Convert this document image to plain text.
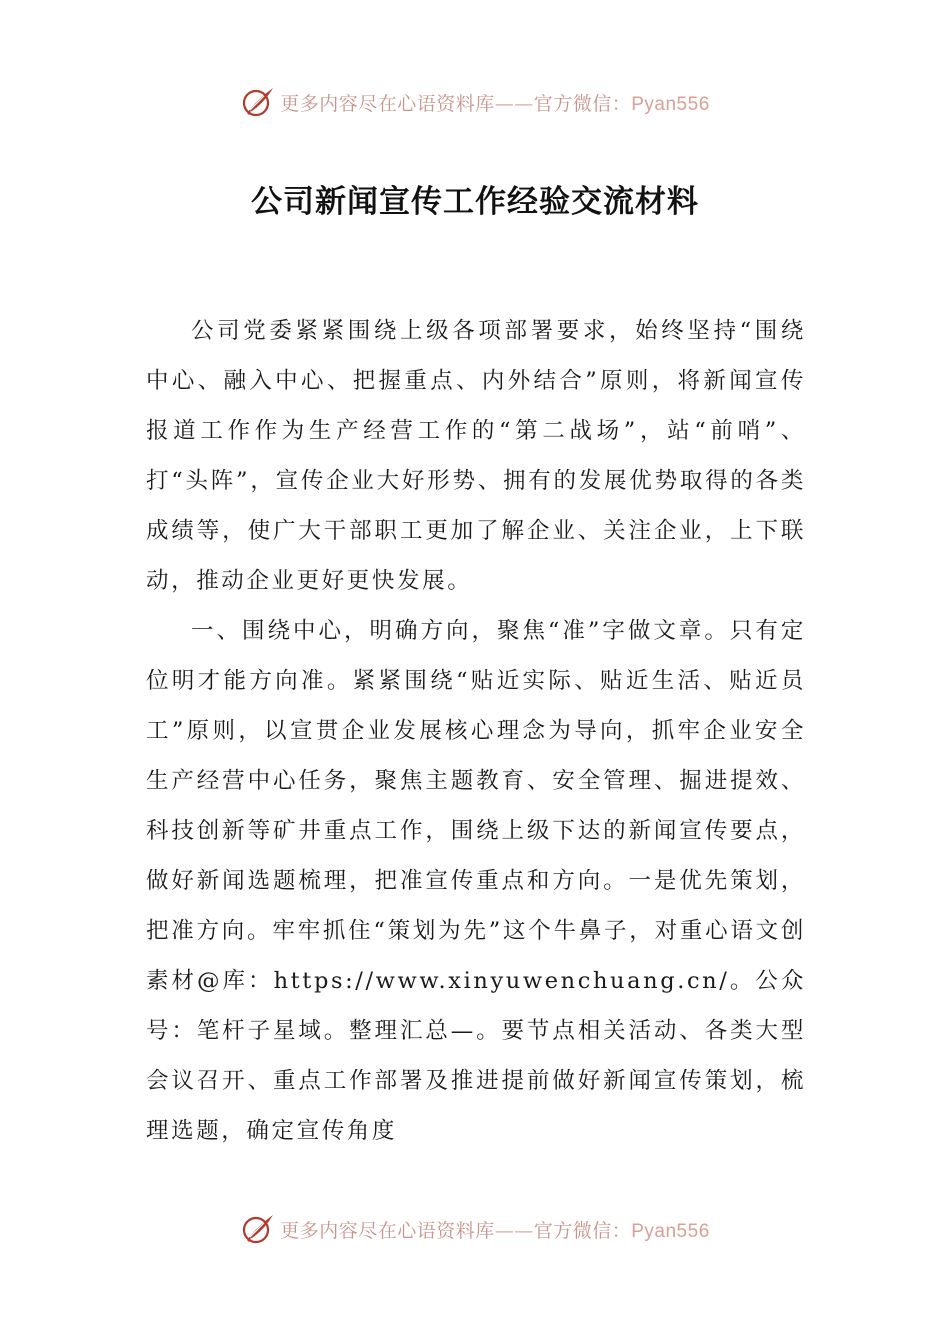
更多内容尽在心语资料库——官方微信：Pyan556
公司新闻宣传工作经验交流材料

公司党委紧紧围绕上级各项部署要求，始终坚持“围绕中心、融入中心、把握重点、内外结合”原则，将新闻宣传报道工作作为生产经营工作的“第二战场”，站“前哨”、打“头阵”，宣传企业大好形势、拥有的发展优势取得的各类成绩等，使广大干部职工更加了解企业、关注企业，上下联动，推动企业更好更快发展。

一、围绕中心，明确方向，聚焦“准”字做文章。只有定位明才能方向准。紧紧围绕“贴近实际、贴近生活、贴近员工”原则，以宣贯企业发展核心理念为导向，抓牢企业安全生产经营中心任务，聚焦主题教育、安全管理、掘进提效、科技创新等矿井重点工作，围绕上级下达的新闻宣传要点，做好新闻选题梳理，把准宣传重点和方向。一是优先策划，把准方向。牢牢抓住“策划为先”这个牛鼻子，对重心语文创素材@库：https://www.xinyuwenchuang.cn/。公众号：笔杆子星域。整理汇总—。要节点相关活动、各类大型会议召开、重点工作部署及推进提前做好新闻宣传策划，梳理选题，确定宣传角度

更多内容尽在心语资料库——官方微信：Pyan556
